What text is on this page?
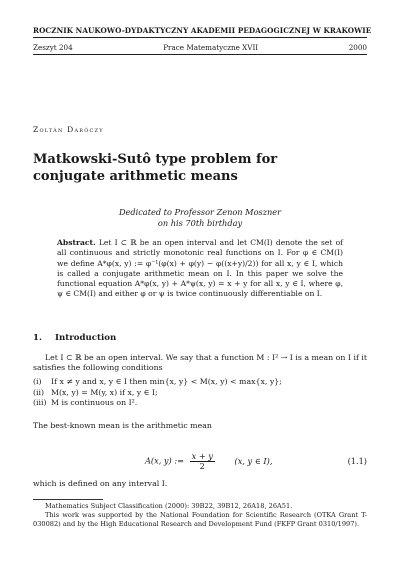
ROCZNIK NAUKOWO-DYDAKTYCZNY AKADEMII PEDAGOGICZNEJ W KRAKOWIE
Zeszyt 204	Prace Matematyczne XVII	2000
Zoltán Daróczy
Matkowski-Sutô type problem for conjugate arithmetic means
Dedicated to Professor Zenon Moszner
on his 70th birthday
Abstract. Let I ⊂ ℝ be an open interval and let CM(I) denote the set of all continuous and strictly monotonic real functions on I. For φ ∈ CM(I) we define A*φ(x, y) := φ⁻¹(φ(x) + φ(y) − φ((x+y)/2)) for all x, y ∈ I, which is called a conjugate arithmetic mean on I. In this paper we solve the functional equation A*φ(x, y) + A*ψ(x, y) = x + y for all x, y ∈ I, where φ, ψ ∈ CM(I) and either φ or ψ is twice continuously differentiable on I.
1. Introduction
Let I ⊂ ℝ be an open interval. We say that a function M : I² → I is a mean on I if it satisfies the following conditions
(i) If x ≠ y and x, y ∈ I then min{x, y} < M(x, y) < max{x, y};
(ii) M(x, y) = M(y, x) if x, y ∈ I;
(iii) M is continuous on I².
The best-known mean is the arithmetic mean
A(x, y) := $\frac{x + y}{2} (x$, y ∈ I),	(1.1)
which is defined on any interval I.
Mathematics Subject Classification (2000): 39B22, 39B12, 26A18, 26A51.
This work was supported by the National Foundation for Scientific Research (OTKA Grant T-030082) and by the High Educational Research and Development Fund (FKFP Grant 0310/1997).
